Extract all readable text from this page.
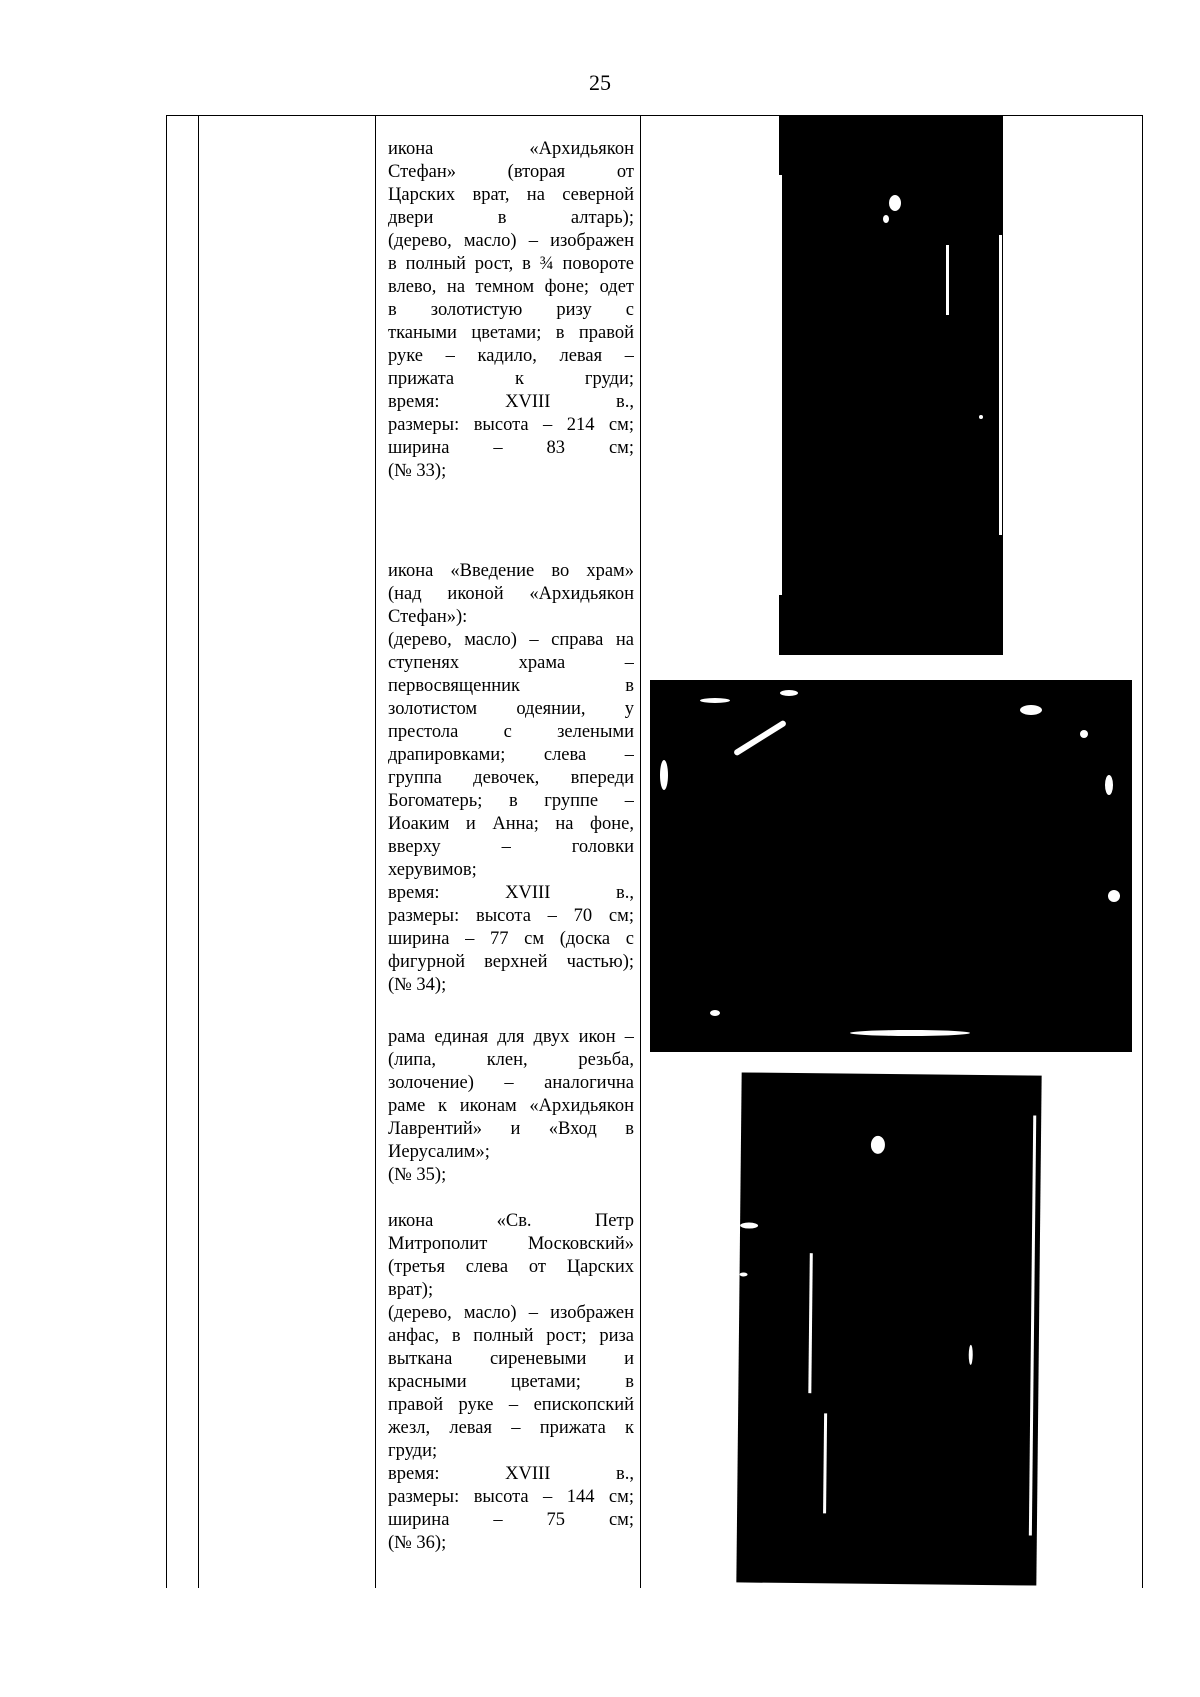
25
икона «Архидьякон
Стефан» (вторая от
Царских врат, на северной
двери в алтарь);
(дерево, масло) – изображен
в полный рост, в ¾ повороте
влево, на темном фоне; одет
в золотистую ризу с
ткаными цветами; в правой
руке – кадило, левая –
прижата к груди;
время: XVIII в.,
размеры: высота – 214 см;
ширина – 83 см;
(№ 33);
икона «Введение во храм»
(над иконой «Архидьякон
Стефан»):
(дерево, масло) – справа на
ступенях храма –
первосвященник в
золотистом одеянии, у
престола с зелеными
драпировками; слева –
группа девочек, впереди
Богоматерь; в группе –
Иоаким и Анна; на фоне,
вверху – головки
херувимов;
время: XVIII в.,
размеры: высота – 70 см;
ширина – 77 см (доска с
фигурной верхней частью);
(№ 34);
рама единая для двух икон –
(липа, клен, резьба,
золочение) – аналогична
раме к иконам «Архидьякон
Лаврентий» и «Вход в
Иерусалим»;
(№ 35);
икона «Св. Петр
Митрополит Московский»
(третья слева от Царских
врат);
(дерево, масло) – изображен
анфас, в полный рост; риза
выткана сиреневыми и
красными цветами; в
правой руке – епископский
жезл, левая – прижата к
груди;
время: XVIII в.,
размеры: высота – 144 см;
ширина – 75 см;
(№ 36);
